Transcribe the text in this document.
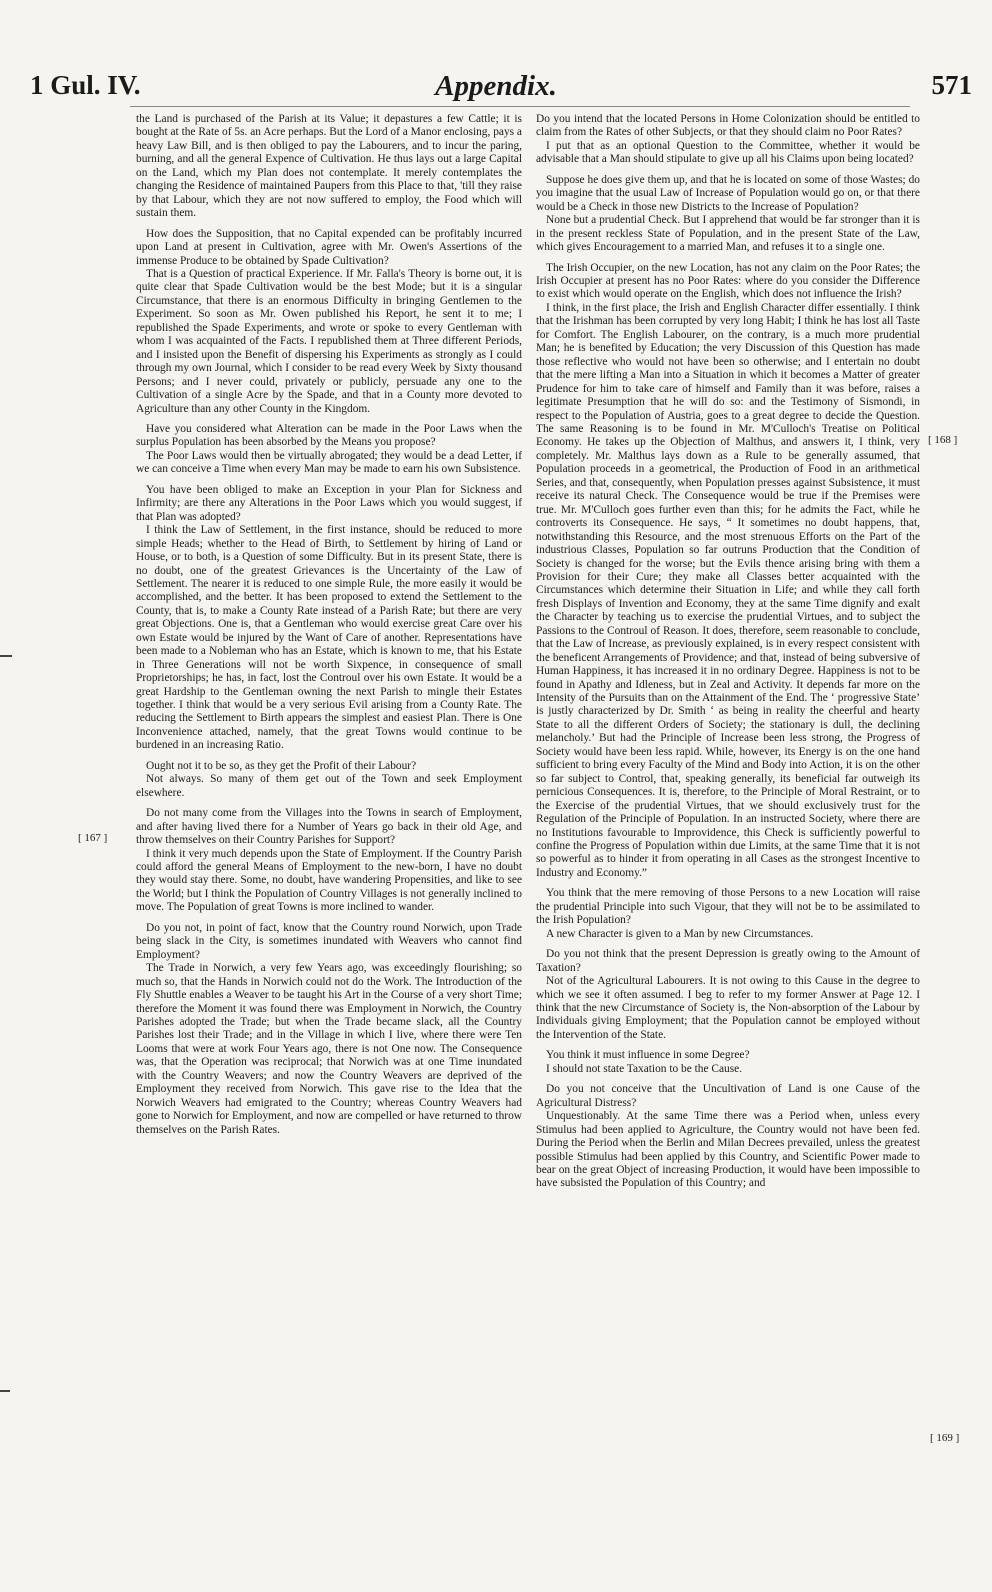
1 Gul. IV.	Appendix.	571

the Land is purchased of the Parish at its Value; it depastures a few Cattle; it is bought at the Rate of 5s. an Acre perhaps. But the Lord of a Manor enclosing, pays a heavy Law Bill, and is then obliged to pay the Labourers, and to incur the paring, burning, and all the general Expence of Cultivation. He thus lays out a large Capital on the Land, which my Plan does not contemplate. It merely contemplates the changing the Residence of maintained Paupers from this Place to that, 'till they raise by that Labour, which they are not now suffered to employ, the Food which will sustain them.

How does the Supposition, that no Capital expended can be profitably incurred upon Land at present in Cultivation, agree with Mr. Owen's Assertions of the immense Produce to be obtained by Spade Cultivation?

That is a Question of practical Experience. If Mr. Falla's Theory is borne out, it is quite clear that Spade Cultivation would be the best Mode; but it is a singular Circumstance, that there is an enormous Difficulty in bringing Gentlemen to the Experiment. So soon as Mr. Owen published his Report, he sent it to me; I republished the Spade Experiments, and wrote or spoke to every Gentleman with whom I was acquainted of the Facts. I republished them at Three different Periods, and I insisted upon the Benefit of dispersing his Experiments as strongly as I could through my own Journal, which I consider to be read every Week by Sixty thousand Persons; and I never could, privately or publicly, persuade any one to the Cultivation of a single Acre by the Spade, and that in a County more devoted to Agriculture than any other County in the Kingdom.

Have you considered what Alteration can be made in the Poor Laws when the surplus Population has been absorbed by the Means you propose?

The Poor Laws would then be virtually abrogated; they would be a dead Letter, if we can conceive a Time when every Man may be made to earn his own Subsistence.

You have been obliged to make an Exception in your Plan for Sickness and Infirmity; are there any Alterations in the Poor Laws which you would suggest, if that Plan was adopted?

I think the Law of Settlement, in the first instance, should be reduced to more simple Heads; whether to the Head of Birth, to Settlement by hiring of Land or House, or to both, is a Question of some Difficulty. But in its present State, there is no doubt, one of the greatest Grievances is the Uncertainty of the Law of Settlement. The nearer it is reduced to one simple Rule, the more easily it would be accomplished, and the better. It has been proposed to extend the Settlement to the County, that is, to make a County Rate instead of a Parish Rate; but there are very great Objections. One is, that a Gentleman who would exercise great Care over his own Estate would be injured by the Want of Care of another. Representations have been made to a Nobleman who has an Estate, which is known to me, that his Estate in Three Generations will not be worth Sixpence, in consequence of small Proprietorships; he has, in fact, lost the Controul over his own Estate. It would be a great Hardship to the Gentleman owning the next Parish to mingle their Estates together. I think that would be a very serious Evil arising from a County Rate. The reducing the Settlement to Birth appears the simplest and easiest Plan. There is One Inconvenience attached, namely, that the great Towns would continue to be burdened in an increasing Ratio.

Ought not it to be so, as they get the Profit of their Labour?

Not always. So many of them get out of the Town and seek Employment elsewhere.

Do not many come from the Villages into the Towns in search of Employment, and after having lived there for a Number of Years go back in their old Age, and throw themselves on their Country Parishes for Support?

I think it very much depends upon the State of Employment. If the Country Parish could afford the general Means of Employment to the new-born, I have no doubt they would stay there. Some, no doubt, have wandering Propensities, and like to see the World; but I think the Population of Country Villages is not generally inclined to move. The Population of great Towns is more inclined to wander.

Do you not, in point of fact, know that the Country round Norwich, upon Trade being slack in the City, is sometimes inundated with Weavers who cannot find Employment?

The Trade in Norwich, a very few Years ago, was exceedingly flourishing; so much so, that the Hands in Norwich could not do the Work. The Introduction of the Fly Shuttle enables a Weaver to be taught his Art in the Course of a very short Time; therefore the Moment it was found there was Employment in Norwich, the Country Parishes adopted the Trade; but when the Trade became slack, all the Country Parishes lost their Trade; and in the Village in which I live, where there were Ten Looms that were at work Four Years ago, there is not One now. The Consequence was, that the Operation was reciprocal; that Norwich was at one Time inundated with the Country Weavers; and now the Country Weavers are deprived of the Employment they received from Norwich. This gave rise to the Idea that the Norwich Weavers had emigrated to the Country; whereas Country Weavers had gone to Norwich for Employment, and now are compelled or have returned to throw themselves on the Parish Rates.

Do you intend that the located Persons in Home Colonization should be entitled to claim from the Rates of other Subjects, or that they should claim no Poor Rates?

I put that as an optional Question to the Committee, whether it would be advisable that a Man should stipulate to give up all his Claims upon being located?

Suppose he does give them up, and that he is located on some of those Wastes; do you imagine that the usual Law of Increase of Population would go on, or that there would be a Check in those new Districts to the Increase of Population?

None but a prudential Check. But I apprehend that would be far stronger than it is in the present reckless State of Population, and in the present State of the Law, which gives Encouragement to a married Man, and refuses it to a single one.

The Irish Occupier, on the new Location, has not any claim on the Poor Rates; the Irish Occupier at present has no Poor Rates: where do you consider the Difference to exist which would operate on the English, which does not influence the Irish?

I think, in the first place, the Irish and English Character differ essentially. I think that the Irishman has been corrupted by very long Habit; I think he has lost all Taste for Comfort. The English Labourer, on the contrary, is a much more prudential Man; he is benefited by Education; the very Discussion of this Question has made those reflective who would not have been so otherwise; and I entertain no doubt that the mere lifting a Man into a Situation in which it becomes a Matter of greater Prudence for him to take care of himself and Family than it was before, raises a legitimate Presumption that he will do so: and the Testimony of Sismondi, in respect to the Population of Austria, goes to a great degree to decide the Question. The same Reasoning is to be found in Mr. M'Culloch's Treatise on Political Economy. He takes up the Objection of Malthus, and answers it, I think, very completely. Mr. Malthus lays down as a Rule to be generally assumed, that Population proceeds in a geometrical, the Production of Food in an arithmetical Series, and that, consequently, when Population presses against Subsistence, it must receive its natural Check. The Consequence would be true if the Premises were true. Mr. M'Culloch goes further even than this; for he admits the Fact, while he controverts its Consequence. He says, “ It sometimes no doubt happens, that, notwithstanding this Resource, and the most strenuous Efforts on the Part of the industrious Classes, Population so far outruns Production that the Condition of Society is changed for the worse; but the Evils thence arising bring with them a Provision for their Cure; they make all Classes better acquainted with the Circumstances which determine their Situation in Life; and while they call forth fresh Displays of Invention and Economy, they at the same Time dignify and exalt the Character by teaching us to exercise the prudential Virtues, and to subject the Passions to the Controul of Reason. It does, therefore, seem reasonable to conclude, that the Law of Increase, as previously explained, is in every respect consistent with the beneficent Arrangements of Providence; and that, instead of being subversive of Human Happiness, it has increased it in no ordinary Degree. Happiness is not to be found in Apathy and Idleness, but in Zeal and Activity. It depends far more on the Intensity of the Pursuits than on the Attainment of the End. The ‘ progressive State’ is justly characterized by Dr. Smith ‘ as being in reality the cheerful and hearty State to all the different Orders of Society; the stationary is dull, the declining melancholy.’ But had the Principle of Increase been less strong, the Progress of Society would have been less rapid. While, however, its Energy is on the one hand sufficient to bring every Faculty of the Mind and Body into Action, it is on the other so far subject to Control, that, speaking generally, its beneficial far outweigh its pernicious Consequences. It is, therefore, to the Principle of Moral Restraint, or to the Exercise of the prudential Virtues, that we should exclusively trust for the Regulation of the Principle of Population. In an instructed Society, where there are no Institutions favourable to Improvidence, this Check is sufficiently powerful to confine the Progress of Population within due Limits, at the same Time that it is not so powerful as to hinder it from operating in all Cases as the strongest Incentive to Industry and Economy.”

You think that the mere removing of those Persons to a new Location will raise the prudential Principle into such Vigour, that they will not be to be assimilated to the Irish Population?

A new Character is given to a Man by new Circumstances.

Do you not think that the present Depression is greatly owing to the Amount of Taxation?

Not of the Agricultural Labourers. It is not owing to this Cause in the degree to which we see it often assumed. I beg to refer to my former Answer at Page 12. I think that the new Circumstance of Society is, the Non-absorption of the Labour by Individuals giving Employment; that the Population cannot be employed without the Intervention of the State.

You think it must influence in some Degree?

I should not state Taxation to be the Cause.

Do you not conceive that the Uncultivation of Land is one Cause of the Agricultural Distress?

Unquestionably. At the same Time there was a Period when, unless every Stimulus had been applied to Agriculture, the Country would not have been fed. During the Period when the Berlin and Milan Decrees prevailed, unless the greatest possible Stimulus had been applied by this Country, and Scientific Power made to bear on the great Object of increasing Production, it would have been impossible to have subsisted the Population of this Country; and

[ 167 ]
[ 168 ]
[ 169 ]
